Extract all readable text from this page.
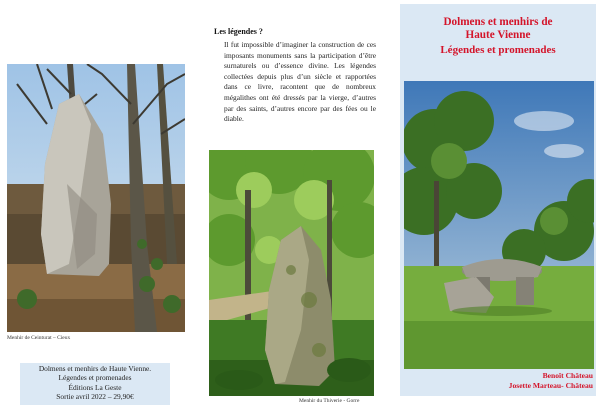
Menhir de Ceinturat – Cieux
Dolmens et menhirs de Haute Vienne.
Légendes et promenades
Éditions La Geste
Sortie avril 2022 – 29,90€
Les légendes ?
Il fut impossible d’imaginer la construction de ces imposants monuments sans la participation d’être surnaturels ou d’essence divine. Les légendes collectées depuis plus d’un siècle et rapportées dans ce livre, racontent que de nombreux mégalithes ont été dressés par la vierge, d’autres par des saints, d’autres encore par des fées ou le diable.
Menhir du Thiverie - Gorre
Dolmens et menhirs de
Haute Vienne
Légendes et promenades
Benoît Château
Josette Marteau- Château
